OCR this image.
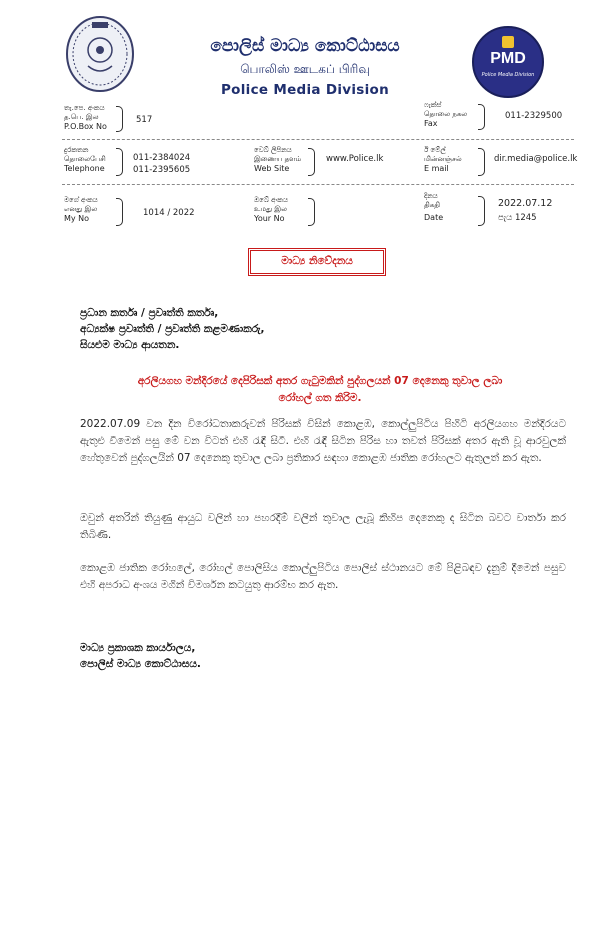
පොලිස් මාධ්‍ය කොට්ඨාසය
பொலிஸ் ஊடகப் பிரிவு
Police Media Division
PMD
Police Media Division
තැ.පෙ. අංකය
த.பெ. இல
P.O.Box No
517
ෆැක්ස්
தொலை நகல
Fax
011-2329500
දුරකතන
தொலைபேசி
Telephone
011-2384024
011-2395605
වෙබ් ලිපිනය
இணைய தளம்
Web Site
www.Police.lk
ඊ මේල්
மின்னஞ்சல்
E mail
dir.media@police.lk
මගේ අංකය
எனது இல
My No
1014 / 2022
ඔබේ අංකය
உமது இல
Your No
දිනය
திகதி
Date
2022.07.12
පැය 1245
මාධ්‍ය නිවේදනය
ප්‍රධාන කර්තෘ / ප්‍රවෘත්ති කර්තෘ,
අධ්‍යක්ෂ ප්‍රවෘත්ති / ප්‍රවෘත්ති කළමණාකරු,
සියළුම මාධ්‍ය ආයතන.
අරලියගහ මන්දිරයේ දෙපිරිසක් අතර ගැටුමකින් පුද්ගලයන් 07 දෙනෙකු තුවාල ලබා
රෝහල් ගත කිරිම.
2022.07.09 වන දින විරෝධතාකරුවන් පිරිසක් විසින් කොළඹ, කොල්ලුපිටිය පිහිටි අරලියගහ මන්දිරයට ඇතුළු වීමෙන් පසු මේ වන විටත් එහි රැඳී සිටී. එහි රැඳී සිටින පිරිස හා තවත් පිරිසක් අතර ඇති වූ ආරවුලක් හේතුවෙන් පුද්ගලයින් 07 දෙනෙකු තුවාල ලබා ප්‍රතිකාර සඳහා කොළඹ ජාතික රෝහලට ඇතුලත් කර ඇත.
ඔවුන් අතරින් තියුණු ආයුධ වලින් හා පහරදීම් වලින් තුවාල ලැබූ කිහිප දෙනෙකු ද සිටින බවට වාර්තා කර තිබිණි.
කොළඹ ජාතික රෝහලේ, රෝහල් පොලිසිය කොල්ලුපිටිය පොලිස් ස්ථානයට මේ පිළිබඳව දැනුම් දීමෙන් පසුව එහි අපරාධ අංශය මගින් විමර්ශන කටයුතු ආරම්භ කර ඇත.
මාධ්‍ය ප්‍රකාශක කාර්යාලය,
පොලිස් මාධ්‍ය කොට්ඨාසය.
